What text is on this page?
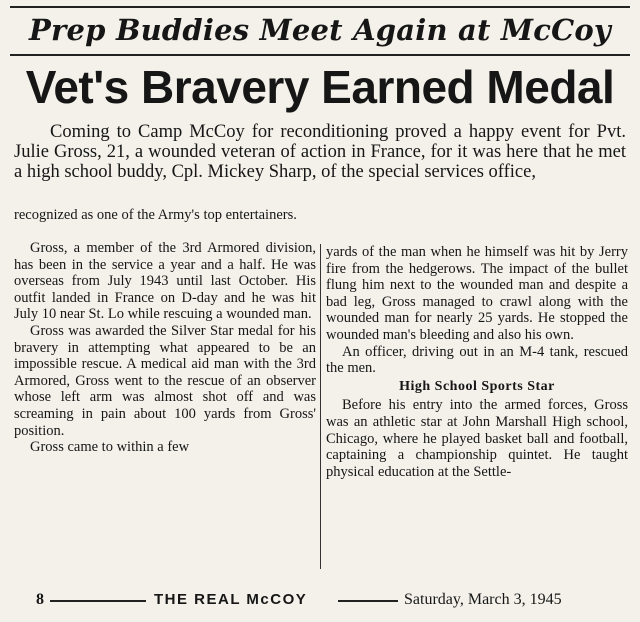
Prep Buddies Meet Again at McCoy
Vet's Bravery Earned Medal

Coming to Camp McCoy for reconditioning proved a happy event for Pvt. Julie Gross, 21, a wounded veteran of action in France, for it was here that he met a high school buddy, Cpl. Mickey Sharp, of the special services office,

recognized as one of the Army's top entertainers.

Gross, a member of the 3rd Armored division, has been in the service a year and a half. He was overseas from July 1943 until last October. His outfit landed in France on D-day and he was hit July 10 near St. Lo while rescuing a wounded man.

Gross was awarded the Silver Star medal for his bravery in attempting what appeared to be an impossible rescue. A medical aid man with the 3rd Armored, Gross went to the rescue of an observer whose left arm was almost shot off and was screaming in pain about 100 yards from Gross' position.

Gross came to within a few

yards of the man when he himself was hit by Jerry fire from the hedgerows. The impact of the bullet flung him next to the wounded man and despite a bad leg, Gross managed to crawl along with the wounded man for nearly 25 yards. He stopped the wounded man's bleeding and also his own.

An officer, driving out in an M-4 tank, rescued the men.

High School Sports Star

Before his entry into the armed forces, Gross was an athletic star at John Marshall High school, Chicago, where he played basket ball and football, captaining a championship quintet. He taught physical education at the Settle-

8	THE REAL McCOY	Saturday, March 3, 1945
